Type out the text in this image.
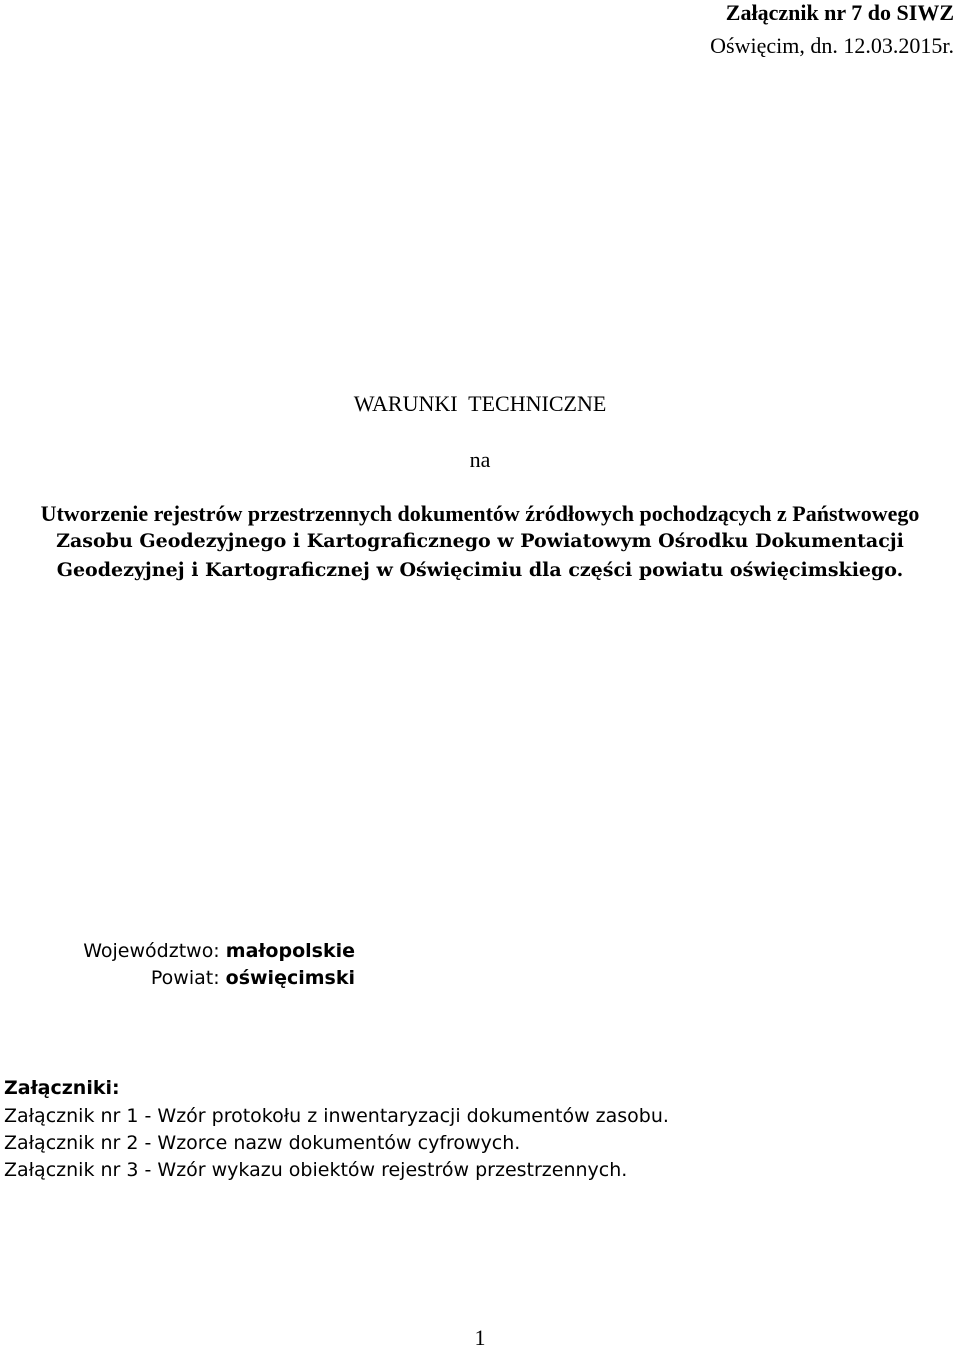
Załącznik nr 7 do SIWZ
Oświęcim, dn. 12.03.2015r.
WARUNKI  TECHNICZNE
na
Utworzenie rejestrów przestrzennych dokumentów źródłowych pochodzących z Państwowego
Zasobu Geodezyjnego i Kartograficznego w Powiatowym Ośrodku Dokumentacji
Geodezyjnej i Kartograficznej w Oświęcimiu dla części powiatu oświęcimskiego.
Województwo: małopolskie
Powiat: oświęcimski
Załączniki:
Załącznik nr 1 - Wzór protokołu z inwentaryzacji dokumentów zasobu.
Załącznik nr 2 - Wzorce nazw dokumentów cyfrowych.
Załącznik nr 3 - Wzór wykazu obiektów rejestrów przestrzennych.
1
